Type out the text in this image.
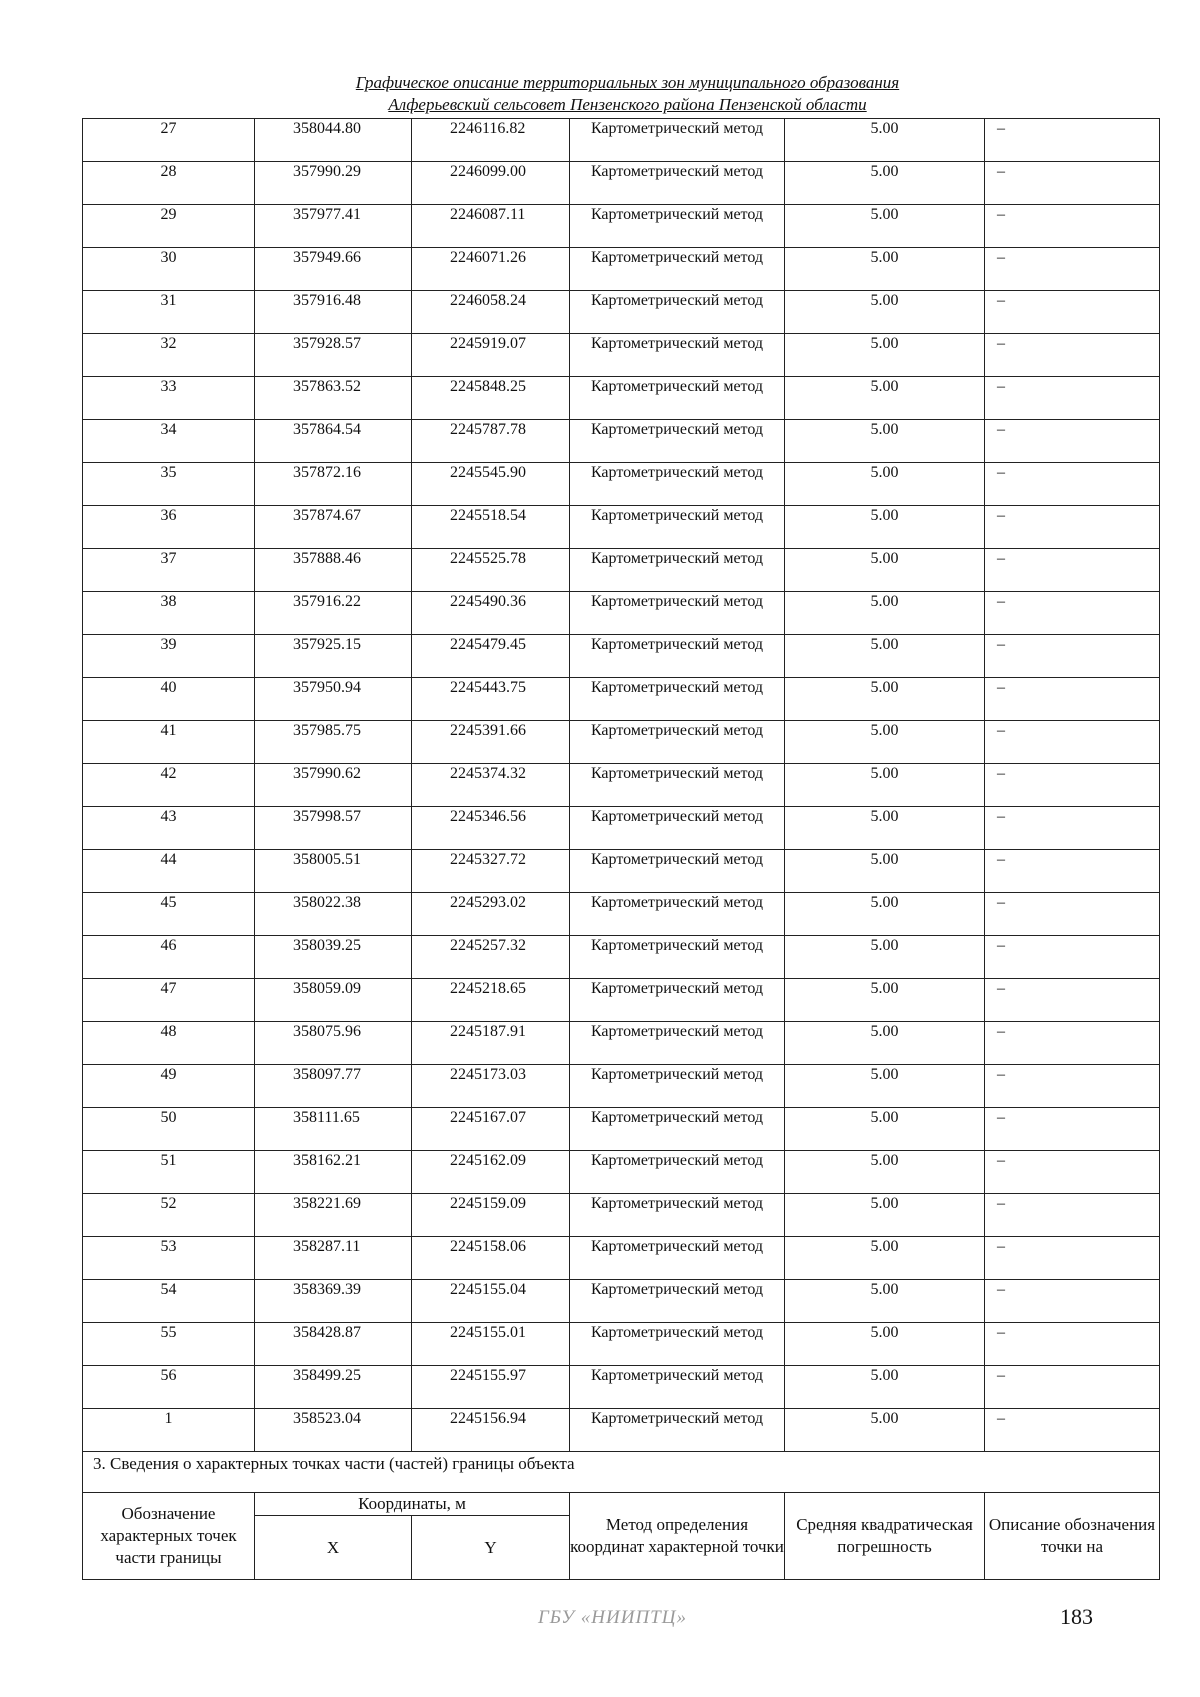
Графическое описание территориальных зон муниципального образования
Алферьевский сельсовет Пензенского района Пензенской области
27	358044.80	2246116.82	Картометрический метод	5.00	–
28	357990.29	2246099.00	Картометрический метод	5.00	–
29	357977.41	2246087.11	Картометрический метод	5.00	–
30	357949.66	2246071.26	Картометрический метод	5.00	–
31	357916.48	2246058.24	Картометрический метод	5.00	–
32	357928.57	2245919.07	Картометрический метод	5.00	–
33	357863.52	2245848.25	Картометрический метод	5.00	–
34	357864.54	2245787.78	Картометрический метод	5.00	–
35	357872.16	2245545.90	Картометрический метод	5.00	–
36	357874.67	2245518.54	Картометрический метод	5.00	–
37	357888.46	2245525.78	Картометрический метод	5.00	–
38	357916.22	2245490.36	Картометрический метод	5.00	–
39	357925.15	2245479.45	Картометрический метод	5.00	–
40	357950.94	2245443.75	Картометрический метод	5.00	–
41	357985.75	2245391.66	Картометрический метод	5.00	–
42	357990.62	2245374.32	Картометрический метод	5.00	–
43	357998.57	2245346.56	Картометрический метод	5.00	–
44	358005.51	2245327.72	Картометрический метод	5.00	–
45	358022.38	2245293.02	Картометрический метод	5.00	–
46	358039.25	2245257.32	Картометрический метод	5.00	–
47	358059.09	2245218.65	Картометрический метод	5.00	–
48	358075.96	2245187.91	Картометрический метод	5.00	–
49	358097.77	2245173.03	Картометрический метод	5.00	–
50	358111.65	2245167.07	Картометрический метод	5.00	–
51	358162.21	2245162.09	Картометрический метод	5.00	–
52	358221.69	2245159.09	Картометрический метод	5.00	–
53	358287.11	2245158.06	Картометрический метод	5.00	–
54	358369.39	2245155.04	Картометрический метод	5.00	–
55	358428.87	2245155.01	Картометрический метод	5.00	–
56	358499.25	2245155.97	Картометрический метод	5.00	–
1	358523.04	2245156.94	Картометрический метод	5.00	–
3. Сведения о характерных точках части (частей) границы объекта					
Обозначение характерных точек части границы	Координаты, м		Метод определения координат характерной точки	Средняя квадратическая погрешность	Описание обозначения точки на
	X	Y			
ГБУ «НИИПТЦ»	183
